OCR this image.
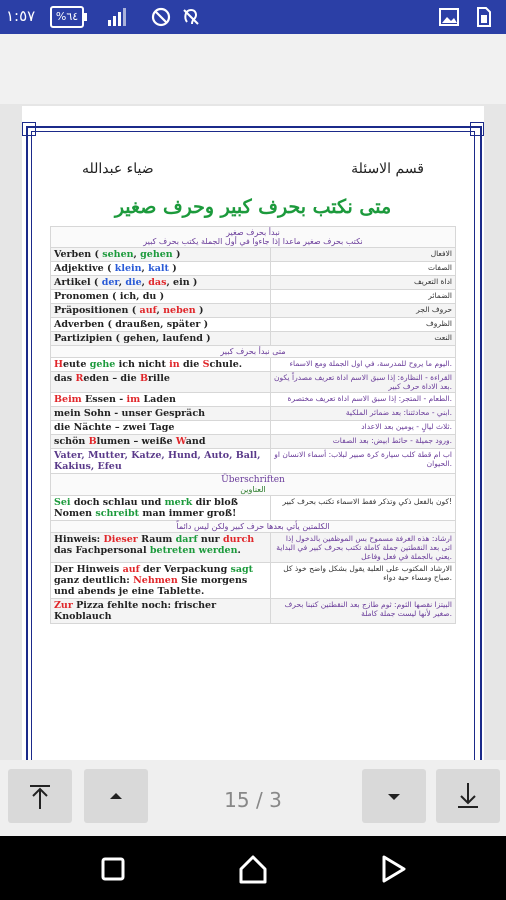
١:٥٧	%٦٤
ضياء عبدالله	قسم الاسئلة
متى نكتب بحرف كبير وحرف صغير
نبدأ بحرف صغير
نكتب بحرف صغير ماعدا إذا جاءوا في أول الجملة يكتب بحرف كبير	

Verben ( sehen, gehen )	الافعال
Adjektive ( klein, kalt )	الصفات
Artikel ( der, die, das, ein )	اداة التعريف
Pronomen ( ich, du )	الضمائر
Präpositionen ( auf, neben )	حروف الجر
Adverben ( draußen, später )	الظروف
Partizipien ( gehen, laufend )	النعت
متى نبدأ بحرف كبير	
Heute gehe ich nicht in die Schule.	اليوم ما يروح للمدرسة، في اول الجملة ومع الاسماء.
das Reden – die Brille	القراءة - النظارة: إذا سبق الاسم اداة تعريف مصدراً يكون بعد الاداة حرف كبير.
Beim Essen - im Laden	الطعام - المتجر: إذا سبق الاسم اداة تعريف مختصرة.
mein Sohn - unser Gespräch	ابني - محادثتنا: بعد ضمائر الملكية.
die Nächte – zwei Tage	ثلاث ليالٍ - يومين بعد الاعداد.
schön Blumen – weiße Wand	ورود جميلة - حائط ابيض: بعد الصفات.
Vater, Mutter, Katze, Hund, Auto, Ball, Kakius, Efeu	اب ام قطة كلب سيارة كرة صبير لبلاب: أسماء الانسان او الحيوان.

Überschriften
العناوين	

Sei doch schlau und merk dir bloß Nomen schreibt man immer groß!	كون بالفعل ذكي وتذكر فقط الاسماء تكتب بحرف كبير!
الكلمتين يأتي بعدها حرف كبير ولكن ليس دائماً	
Hinweis: Dieser Raum darf nur durch das Fachpersonal betreten werden.	ارشاد: هذه الغرفة مسموح بس الموظفين بالدخول إذا اتى بعد النقطتين جملة كاملة تكتب بحرف كبير في البداية يعني بالجملة في فعل وفاعل.
Der Hinweis auf der Verpackung sagt ganz deutlich: Nehmen Sie morgens und abends je eine Tablette.	الارشاد المكتوب على العلبة يقول بشكل واضح خوذ كل صباح ومساء حبة دواء.
Zur Pizza fehlte noch: frischer Knoblauch	البيتزا نقصها الثوم: ثوم طازج بعد النقطتين كتبنا بحرف صغير لأنها ليست جملة كاملة.
15 / 3
